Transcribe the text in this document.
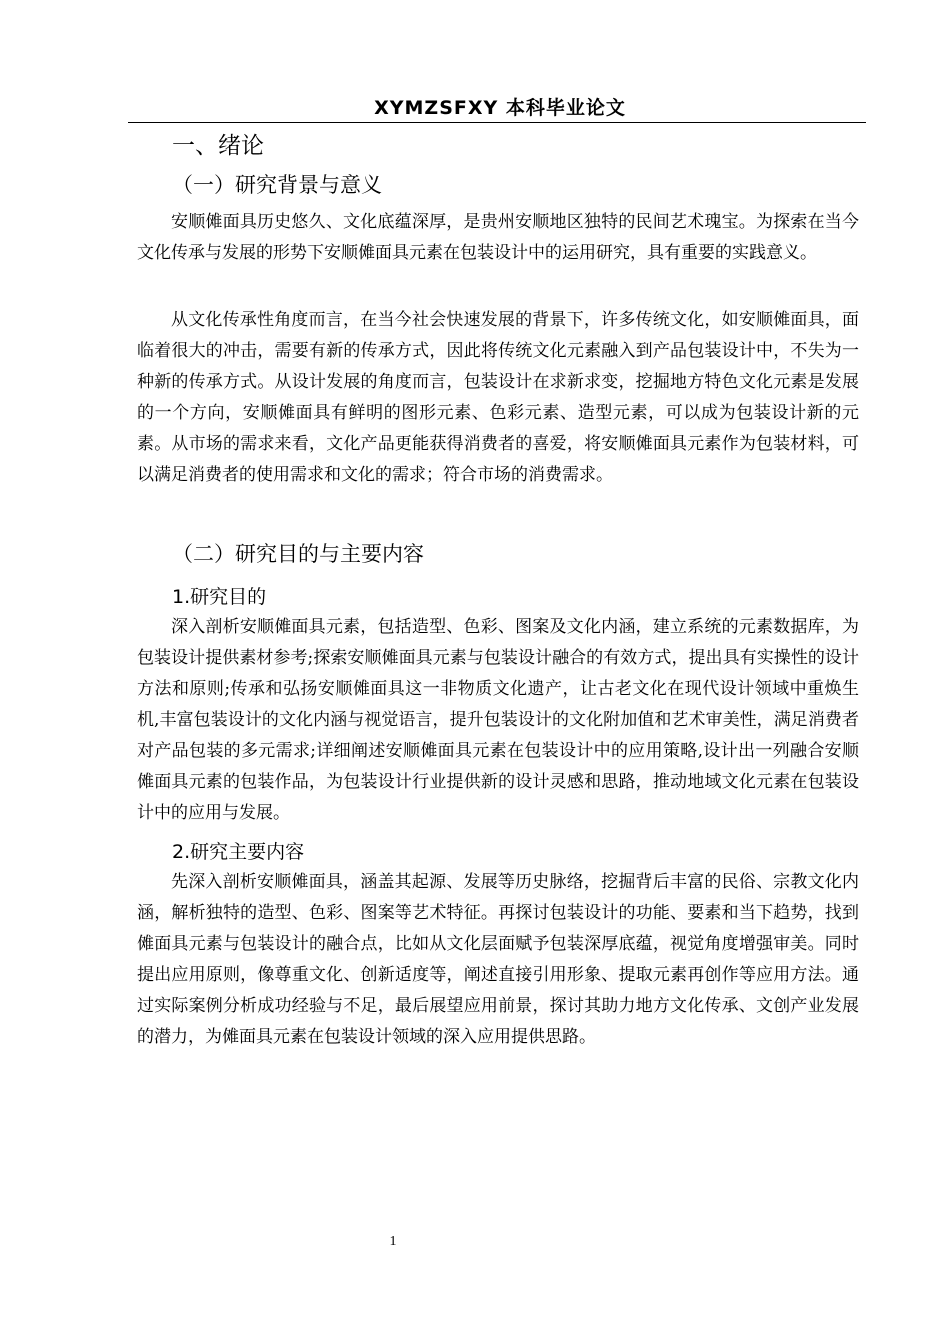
XYMZSFXY 本科毕业论文
一、绪论
（一）研究背景与意义

安顺傩面具历史悠久、文化底蕴深厚，是贵州安顺地区独特的民间艺术瑰宝。为探索在当今文化传承与发展的形势下安顺傩面具元素在包装设计中的运用研究，具有重要的实践意义。

从文化传承性角度而言，在当今社会快速发展的背景下，许多传统文化，如安顺傩面具，面临着很大的冲击，需要有新的传承方式，因此将传统文化元素融入到产品包装设计中，不失为一种新的传承方式。从设计发展的角度而言，包装设计在求新求变，挖掘地方特色文化元素是发展的一个方向，安顺傩面具有鲜明的图形元素、色彩元素、造型元素，可以成为包装设计新的元素。从市场的需求来看，文化产品更能获得消费者的喜爱，将安顺傩面具元素作为包装材料，可以满足消费者的使用需求和文化的需求；符合市场的消费需求。

（二）研究目的与主要内容
1.研究目的

深入剖析安顺傩面具元素，包括造型、色彩、图案及文化内涵，建立系统的元素数据库，为包装设计提供素材参考;探索安顺傩面具元素与包装设计融合的有效方式，提出具有实操性的设计方法和原则;传承和弘扬安顺傩面具这一非物质文化遗产，让古老文化在现代设计领域中重焕生机,丰富包装设计的文化内涵与视觉语言，提升包装设计的文化附加值和艺术审美性，满足消费者对产品包装的多元需求;详细阐述安顺傩面具元素在包装设计中的应用策略,设计出一列融合安顺傩面具元素的包装作品，为包装设计行业提供新的设计灵感和思路，推动地域文化元素在包装设计中的应用与发展。

2.研究主要内容

先深入剖析安顺傩面具，涵盖其起源、发展等历史脉络，挖掘背后丰富的民俗、宗教文化内涵，解析独特的造型、色彩、图案等艺术特征。再探讨包装设计的功能、要素和当下趋势，找到傩面具元素与包装设计的融合点，比如从文化层面赋予包装深厚底蕴，视觉角度增强审美。同时提出应用原则，像尊重文化、创新适度等，阐述直接引用形象、提取元素再创作等应用方法。通过实际案例分析成功经验与不足，最后展望应用前景，探讨其助力地方文化传承、文创产业发展的潜力，为傩面具元素在包装设计领域的深入应用提供思路。

1
